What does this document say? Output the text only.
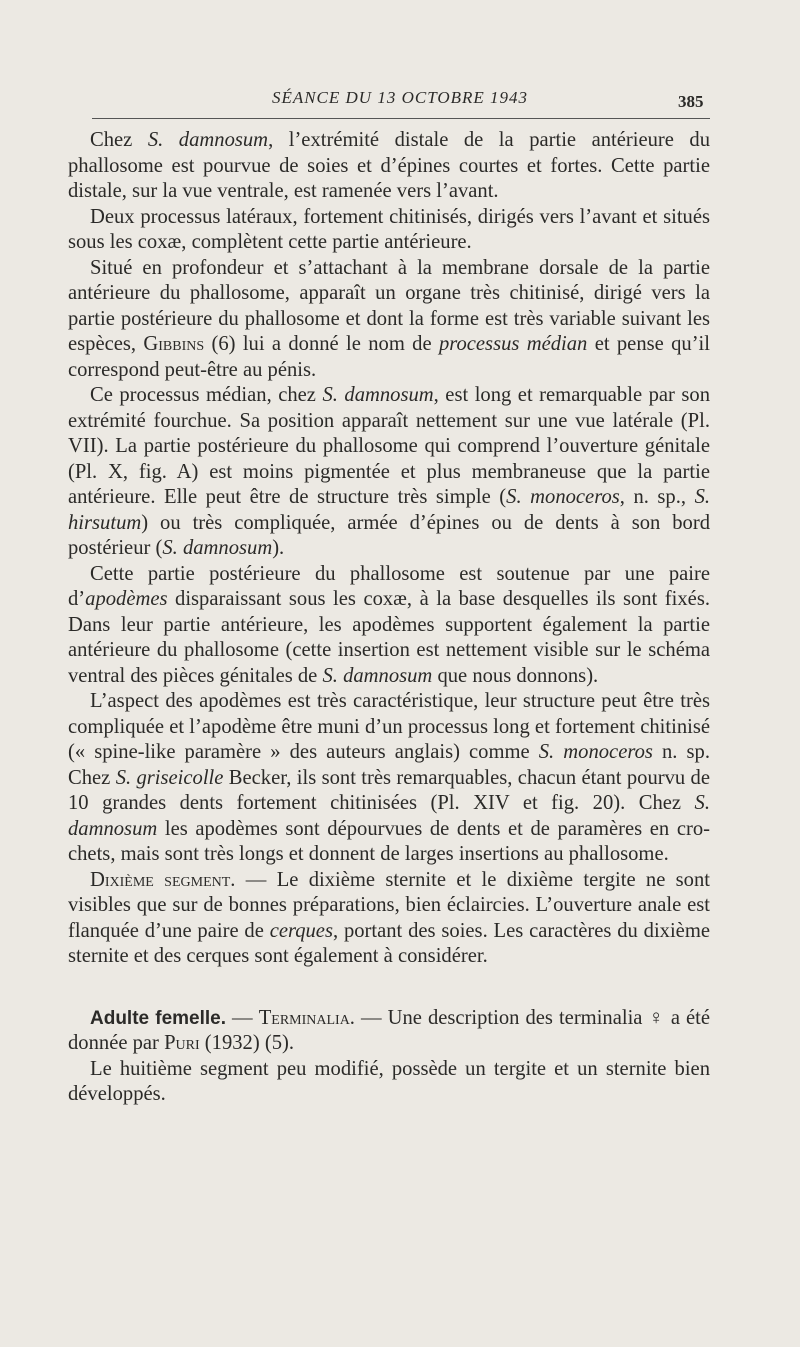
SÉANCE DU 13 OCTOBRE 1943	385

Chez S. damnosum, l’extrémité distale de la partie antérieure du phallosome est pourvue de soies et d’épines courtes et fortes. Cette partie distale, sur la vue ventrale, est ramenée vers l’avant.

Deux processus latéraux, fortement chitinisés, dirigés vers l’avant et situés sous les coxæ, complètent cette partie antérieure.

Situé en profondeur et s’attachant à la membrane dorsale de la partie antérieure du phallosome, apparaît un organe très chitinisé, dirigé vers la partie postérieure du phallosome et dont la forme est très variable suivant les espèces, Gibbins (6) lui a donné le nom de processus médian et pense qu’il correspond peut-être au pénis.

Ce processus médian, chez S. damnosum, est long et remarquable par son extrémité fourchue. Sa position apparaît nettement sur une vue latérale (Pl. VII). La partie postérieure du phallosome qui comprend l’ouverture génitale (Pl. X, fig. A) est moins pigmentée et plus membraneuse que la partie antérieure. Elle peut être de structure très simple (S. monoceros, n. sp., S. hirsutum) ou très compliquée, armée d’épines ou de dents à son bord postérieur (S. damnosum).

Cette partie postérieure du phallosome est soutenue par une paire d’apodèmes disparaissant sous les coxæ, à la base desquelles ils sont fixés. Dans leur partie antérieure, les apodèmes supportent également la partie antérieure du phallosome (cette insertion est nettement visible sur le schéma ventral des pièces génitales de S. damnosum que nous donnons).

L’aspect des apodèmes est très caractéristique, leur structure peut être très compliquée et l’apodème être muni d’un processus long et fortement chitinisé (« spine-like paramère » des auteurs anglais) comme S. monoceros n. sp. Chez S. griseicolle Becker, ils sont très remarquables, chacun étant pourvu de 10 grandes dents fortement chitinisées (Pl. XIV et fig. 20). Chez S. damnosum les apodèmes sont dépourvues de dents et de paramères en crochets, mais sont très longs et donnent de larges insertions au phallosome.

Dixième segment. — Le dixième sternite et le dixième tergite ne sont visibles que sur de bonnes préparations, bien éclaircies. L’ouverture anale est flanquée d’une paire de cerques, portant des soies. Les caractères du dixième sternite et des cerques sont également à considérer.

Adulte femelle. — Terminalia. — Une description des terminalia ♀ a été donnée par Puri (1932) (5).

Le huitième segment peu modifié, possède un tergite et un sternite bien développés.
